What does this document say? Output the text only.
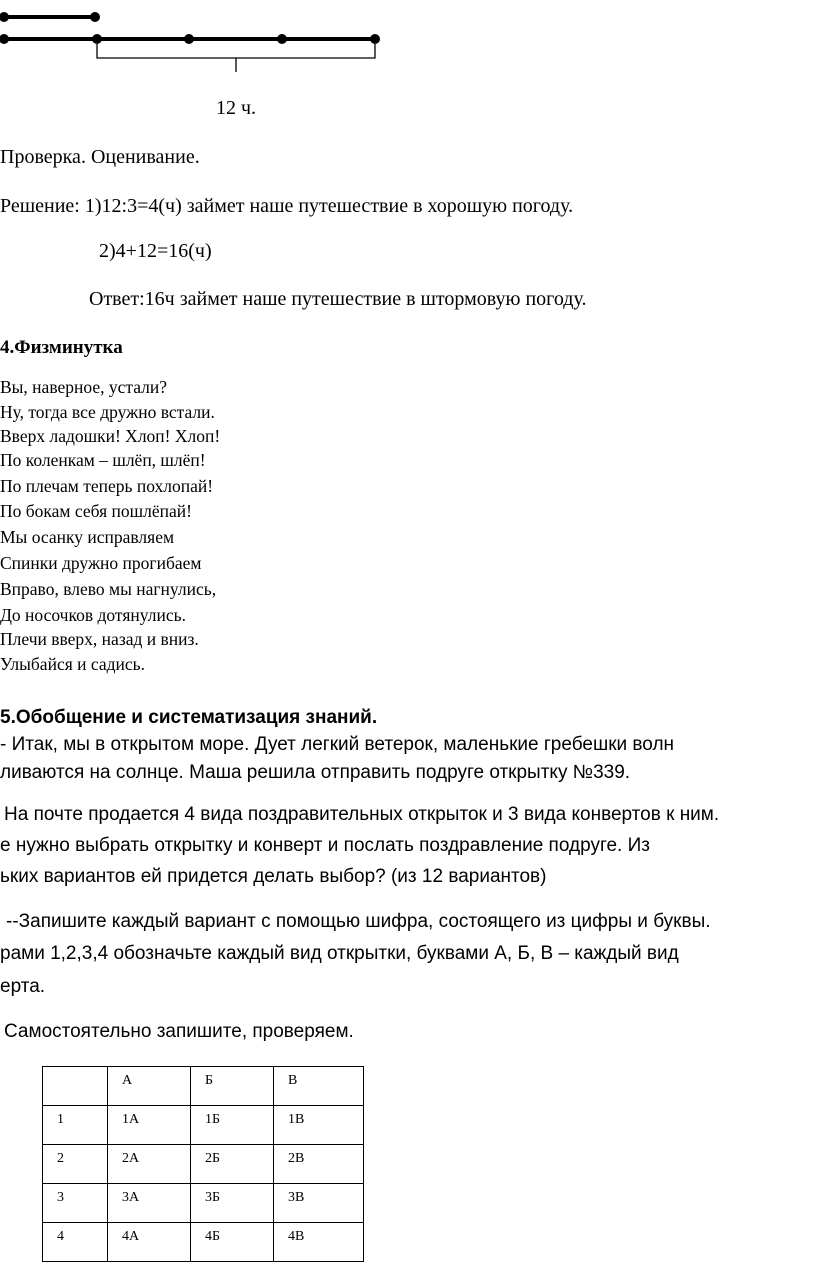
12 ч.
Проверка. Оценивание.
Решение: 1)12:3=4(ч) займет наше путешествие в хорошую погоду.
2)4+12=16(ч)
Ответ:16ч займет наше путешествие в штормовую погоду.
4.Физминутка
Вы, наверное, устали?
Ну, тогда все дружно встали.
Вверх ладошки! Хлоп! Хлоп!
По коленкам – шлёп, шлёп!
По плечам теперь похлопай!
По бокам себя пошлёпай!
Мы осанку исправляем
Спинки дружно прогибаем
Вправо, влево мы нагнулись,
До носочков дотянулись.
Плечи вверх, назад и вниз.
Улыбайся и садись.
5.Обобщение и систематизация знаний.
- Итак, мы в открытом море. Дует легкий ветерок, маленькие гребешки волн
ливаются на солнце. Маша решила отправить подруге открытку №339.
На почте продается 4 вида поздравительных открыток и 3 вида конвертов к ним.
е нужно выбрать открытку и конверт и послать поздравление подруге. Из
ьких вариантов ей придется делать выбор? (из 12 вариантов)
--Запишите каждый вариант с помощью шифра, состоящего из цифры и буквы.
рами 1,2,3,4 обозначьте каждый вид открытки, буквами А, Б, В – каждый вид
ерта.
Самостоятельно запишите, проверяем.
	А	Б	В
1	1А	1Б	1В
2	2А	2Б	2В
3	3А	3Б	3В
4	4А	4Б	4В
